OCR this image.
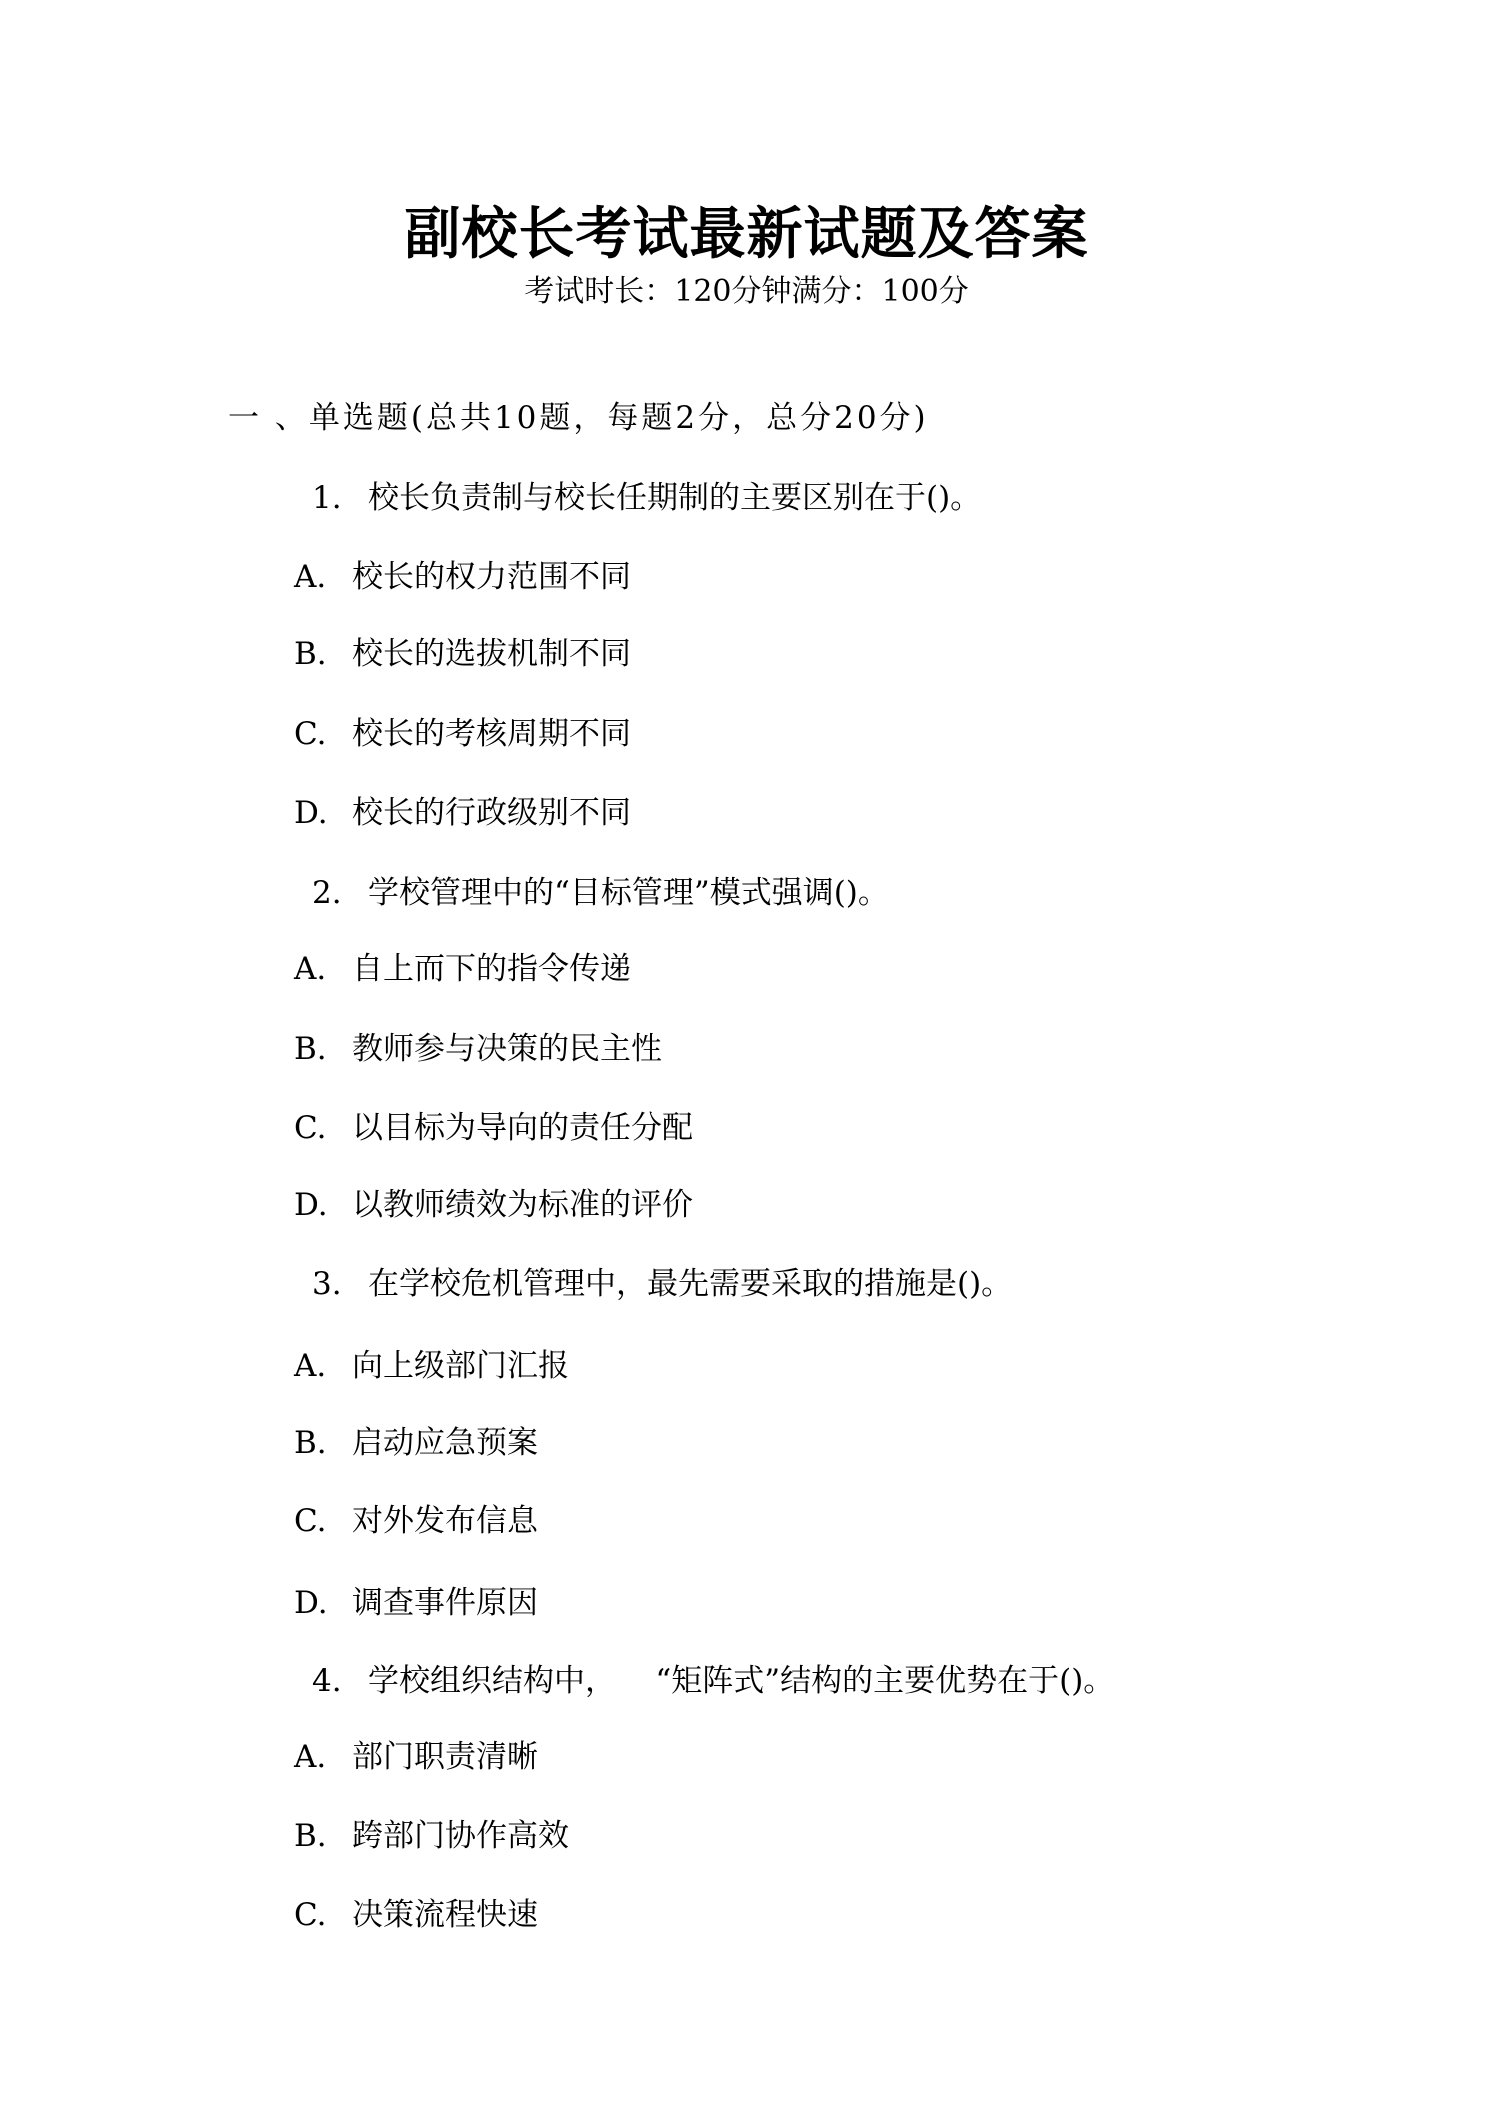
副校长考试最新试题及答案
考试时长：120分钟满分：100分
一 、单选题(总共10题，每题2分，总分20分)
1. 校长负责制与校长任期制的主要区别在于()。
A. 校长的权力范围不同
B. 校长的选拔机制不同
C. 校长的考核周期不同
D. 校长的行政级别不同
2. 学校管理中的“目标管理”模式强调()。
A. 自上而下的指令传递
B. 教师参与决策的民主性
C. 以目标为导向的责任分配
D. 以教师绩效为标准的评价
3. 在学校危机管理中，最先需要采取的措施是()。
A. 向上级部门汇报
B. 启动应急预案
C. 对外发布信息
D. 调查事件原因
4. 学校组织结构中，    “矩阵式”结构的主要优势在于()。
A. 部门职责清晰
B. 跨部门协作高效
C. 决策流程快速
